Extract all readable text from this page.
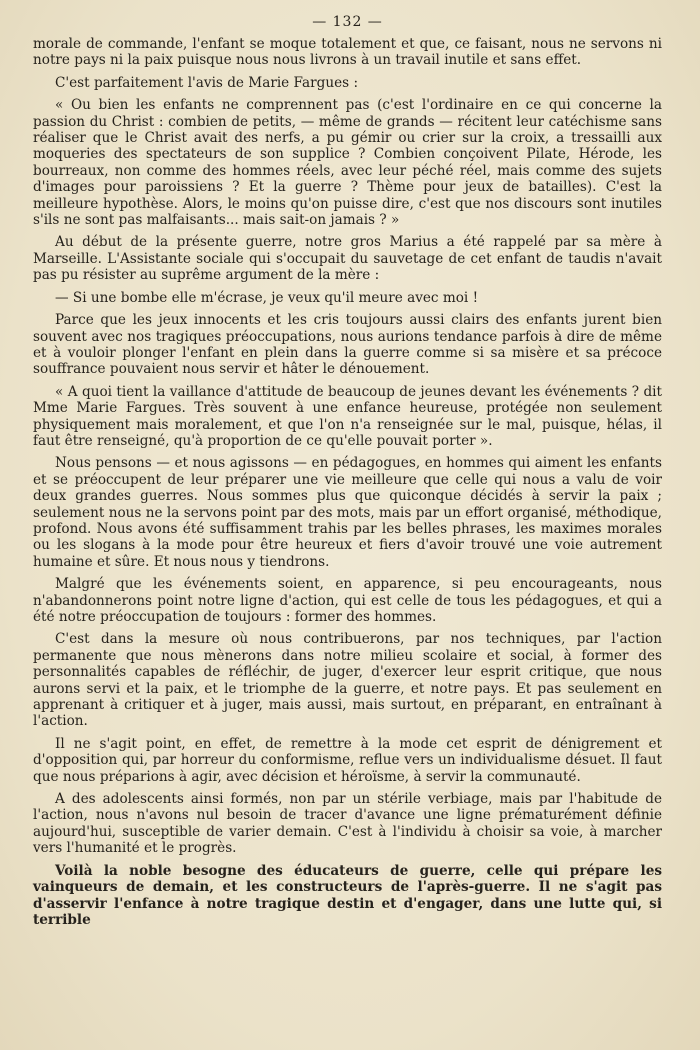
— 132 —

morale de commande, l'enfant se moque totalement et que, ce faisant, nous ne servons ni notre pays ni la paix puisque nous nous livrons à un travail inutile et sans effet.

C'est parfaitement l'avis de Marie Fargues :

« Ou bien les enfants ne comprennent pas (c'est l'ordinaire en ce qui concerne la passion du Christ : combien de petits, — même de grands — récitent leur catéchisme sans réaliser que le Christ avait des nerfs, a pu gémir ou crier sur la croix, a tressailli aux moqueries des spectateurs de son supplice ? Combien conçoivent Pilate, Hérode, les bourreaux, non comme des hommes réels, avec leur péché réel, mais comme des sujets d'images pour paroissiens ? Et la guerre ? Thème pour jeux de batailles). C'est la meilleure hypothèse. Alors, le moins qu'on puisse dire, c'est que nos discours sont inutiles s'ils ne sont pas malfaisants... mais sait-on jamais ? »

Au début de la présente guerre, notre gros Marius a été rappelé par sa mère à Marseille. L'Assistante sociale qui s'occupait du sauvetage de cet enfant de taudis n'avait pas pu résister au suprême argument de la mère :

— Si une bombe elle m'écrase, je veux qu'il meure avec moi !

Parce que les jeux innocents et les cris toujours aussi clairs des enfants jurent bien souvent avec nos tragiques préoccupations, nous aurions tendance parfois à dire de même et à vouloir plonger l'enfant en plein dans la guerre comme si sa misère et sa précoce souffrance pouvaient nous servir et hâter le dénouement.

« A quoi tient la vaillance d'attitude de beaucoup de jeunes devant les événements ? dit Mme Marie Fargues. Très souvent à une enfance heureuse, protégée non seulement physiquement mais moralement, et que l'on n'a renseignée sur le mal, puisque, hélas, il faut être renseigné, qu'à proportion de ce qu'elle pouvait porter ».

Nous pensons — et nous agissons — en pédagogues, en hommes qui aiment les enfants et se préoccupent de leur préparer une vie meilleure que celle qui nous a valu de voir deux grandes guerres. Nous sommes plus que quiconque décidés à servir la paix ; seulement nous ne la servons point par des mots, mais par un effort organisé, méthodique, profond. Nous avons été suffisamment trahis par les belles phrases, les maximes morales ou les slogans à la mode pour être heureux et fiers d'avoir trouvé une voie autrement humaine et sûre. Et nous nous y tiendrons.

Malgré que les événements soient, en apparence, si peu encourageants, nous n'abandonnerons point notre ligne d'action, qui est celle de tous les pédagogues, et qui a été notre préoccupation de toujours : former des hommes.

C'est dans la mesure où nous contribuerons, par nos techniques, par l'action permanente que nous mènerons dans notre milieu scolaire et social, à former des personnalités capables de réfléchir, de juger, d'exercer leur esprit critique, que nous aurons servi et la paix, et le triomphe de la guerre, et notre pays. Et pas seulement en apprenant à critiquer et à juger, mais aussi, mais surtout, en préparant, en entraînant à l'action.

Il ne s'agit point, en effet, de remettre à la mode cet esprit de dénigrement et d'opposition qui, par horreur du conformisme, reflue vers un individualisme désuet. Il faut que nous préparions à agir, avec décision et héroïsme, à servir la communauté.

A des adolescents ainsi formés, non par un stérile verbiage, mais par l'habitude de l'action, nous n'avons nul besoin de tracer d'avance une ligne prématurément définie aujourd'hui, susceptible de varier demain. C'est à l'individu à choisir sa voie, à marcher vers l'humanité et le progrès.

Voilà la noble besogne des éducateurs de guerre, celle qui prépare les vainqueurs de demain, et les constructeurs de l'après-guerre. Il ne s'agit pas d'asservir l'enfance à notre tragique destin et d'engager, dans une lutte qui, si terrible
